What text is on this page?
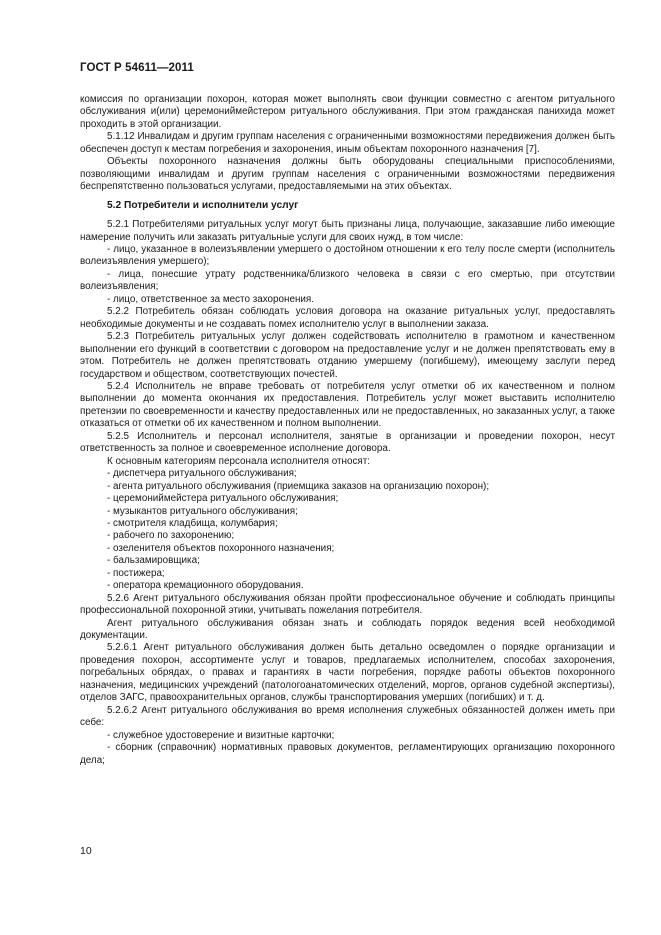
ГОСТ Р 54611—2011

комиссия по организации похорон, которая может выполнять свои функции совместно с агентом ритуального обслуживания и(или) церемониймейстером ритуального обслуживания. При этом гражданская панихида может проходить в этой организации.

5.1.12 Инвалидам и другим группам населения с ограниченными возможностями передвижения должен быть обеспечен доступ к местам погребения и захоронения, иным объектам похоронного назначения [7].

Объекты похоронного назначения должны быть оборудованы специальными приспособлениями, позволяющими инвалидам и другим группам населения с ограниченными возможностями передвижения беспрепятственно пользоваться услугами, предоставляемыми на этих объектах.

5.2 Потребители и исполнители услуг

5.2.1 Потребителями ритуальных услуг могут быть признаны лица, получающие, заказавшие либо имеющие намерение получить или заказать ритуальные услуги для своих нужд, в том числе:

- лицо, указанное в волеизъявлении умершего о достойном отношении к его телу после смерти (исполнитель волеизъявления умершего);

- лица, понесшие утрату родственника/близкого человека в связи с его смертью, при отсутствии волеизъявления;

- лицо, ответственное за место захоронения.

5.2.2 Потребитель обязан соблюдать условия договора на оказание ритуальных услуг, предоставлять необходимые документы и не создавать помех исполнителю услуг в выполнении заказа.

5.2.3 Потребитель ритуальных услуг должен содействовать исполнителю в грамотном и качественном выполнении его функций в соответствии с договором на предоставление услуг и не должен препятствовать ему в этом. Потребитель не должен препятствовать отданию умершему (погибшему), имеющему заслуги перед государством и обществом, соответствующих почестей.

5.2.4 Исполнитель не вправе требовать от потребителя услуг отметки об их качественном и полном выполнении до момента окончания их предоставления. Потребитель услуг может выставить исполнителю претензии по своевременности и качеству предоставленных или не предоставленных, но заказанных услуг, а также отказаться от отметки об их качественном и полном выполнении.

5.2.5 Исполнитель и персонал исполнителя, занятые в организации и проведении похорон, несут ответственность за полное и своевременное исполнение договора.

К основным категориям персонала исполнителя относят:

- диспетчера ритуального обслуживания;

- агента ритуального обслуживания (приемщика заказов на организацию похорон);

- церемониймейстера ритуального обслуживания;

- музыкантов ритуального обслуживания;

- смотрителя кладбища, колумбария;

- рабочего по захоронению;

- озеленителя объектов похоронного назначения;

- бальзамировщика;

- постижера;

- оператора кремационного оборудования.

5.2.6 Агент ритуального обслуживания обязан пройти профессиональное обучение и соблюдать принципы профессиональной похоронной этики, учитывать пожелания потребителя.

Агент ритуального обслуживания обязан знать и соблюдать порядок ведения всей необходимой документации.

5.2.6.1 Агент ритуального обслуживания должен быть детально осведомлен о порядке организации и проведения похорон, ассортименте услуг и товаров, предлагаемых исполнителем, способах захоронения, погребальных обрядах, о правах и гарантиях в части погребения, порядке работы объектов похоронного назначения, медицинских учреждений (патологоанатомических отделений, моргов, органов судебной экспертизы), отделов ЗАГС, правоохранительных органов, службы транспортирования умерших (погибших) и т. д.

5.2.6.2 Агент ритуального обслуживания во время исполнения служебных обязанностей должен иметь при себе:

- служебное удостоверение и визитные карточки;

- сборник (справочник) нормативных правовых документов, регламентирующих организацию похоронного дела;

10
